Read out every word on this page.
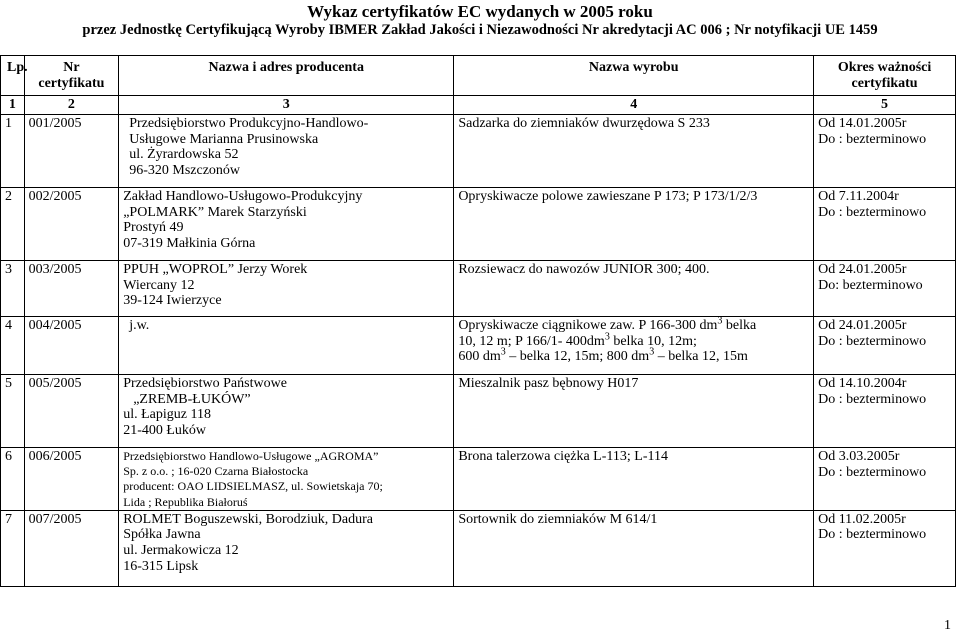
Wykaz certyfikatów EC wydanych w 2005 roku
przez Jednostkę Certyfikującą Wyroby IBMER Zakład Jakości i Niezawodności Nr akredytacji AC 006 ; Nr notyfikacji UE 1459
Lp.	Nr certyfikatu	Nazwa i adres producenta	Nazwa wyrobu	Okres ważności certyfikatu
1	2	3	4	5
1	001/2005	Przedsiębiorstwo Produkcyjno-Handlowo-
Usługowe Marianna Prusinowska
ul. Żyrardowska 52
96-320 Mszczonów	Sadzarka do ziemniaków dwurzędowa S 233	Od 14.01.2005r
Do : bezterminowo

2	002/2005	Zakład Handlowo-Usługowo-Produkcyjny
„POLMARK” Marek Starzyński
Prostyń 49
07-319 Małkinia Górna	Opryskiwacze polowe zawieszane P 173; P 173/1/2/3	Od 7.11.2004r
Do : bezterminowo

3	003/2005	PPUH „WOPROL” Jerzy Worek
Wiercany 12
39-124 Iwierzyce	Rozsiewacz do nawozów JUNIOR 300; 400.	Od 24.01.2005r
Do: bezterminowo

4	004/2005	j.w.	Opryskiwacze ciągnikowe zaw. P 166-300 $dm^3$ belka
10, 12 m; P 166/1- $400dm^3$ belka 10, 12m;
600 $dm^3$ – belka 12, 15m; 800 $dm^3$ – belka 12, 15m	Od 24.01.2005r
Do : bezterminowo

5	005/2005	Przedsiębiorstwo Państwowe
„ZREMB-ŁUKÓW”
ul. Łapiguz 118
21-400 Łuków	Mieszalnik pasz bębnowy H017	Od 14.10.2004r
Do : bezterminowo

6	006/2005	Przedsiębiorstwo Handlowo-Usługowe „AGROMA”
Sp. z o.o. ; 16-020 Czarna Białostocka
producent: OAO LIDSIELMASZ, ul. Sowietskaja 70;
Lida ; Republika Białoruś	Brona talerzowa ciężka L-113; L-114	Od 3.03.2005r
Do : bezterminowo

7	007/2005	ROLMET Boguszewski, Borodziuk, Dadura
Spółka Jawna
ul. Jermakowicza 12
16-315 Lipsk	Sortownik do ziemniaków M 614/1	Od 11.02.2005r
Do : bezterminowo
1
